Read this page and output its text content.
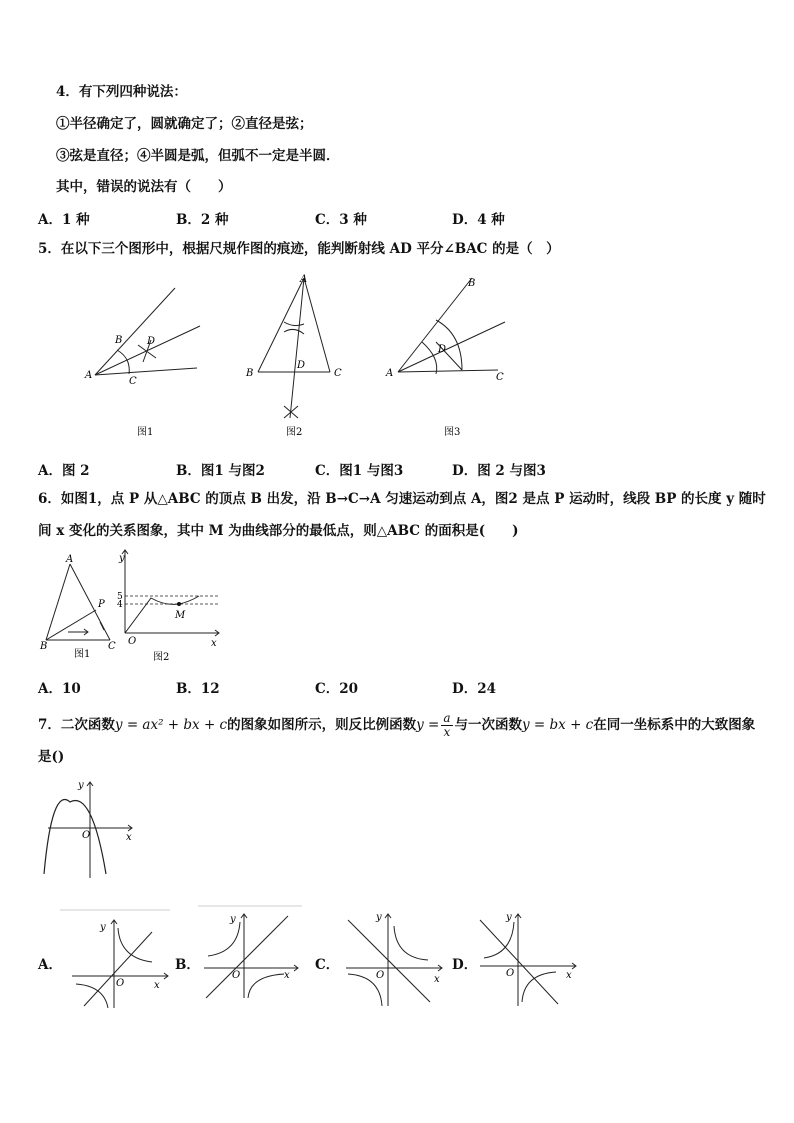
4．有下列四种说法：
①半径确定了，圆就确定了；②直径是弦；
③弦是直径；④半圆是弧，但弧不一定是半圆．
其中，错误的说法有（　　）
A．1 种	B．2 种	C．3 种	D．4 种
5．在以下三个图形中，根据尺规作图的痕迹，能判断射线 AD 平分∠BAC 的是（　）
A
B D
C
图1
A
B	C
D
图2
A
B
C
D
图3
A．图 2	B．图1 与图2	C．图1 与图3	D．图 2 与图3
6．如图1，点 P 从△ABC 的顶点 B 出发，沿 B→C→A 匀速运动到点 A，图2 是点 P 运动时，线段 BP 的长度 y 随时
间 x 变化的关系图象，其中 M 为曲线部分的最低点，则△ABC 的面积是(　　)
A
P
B	C
图1
y
5
4
M
O	x
图2
A．10	B．12	C．20	D．24
7．二次函数y = ax² + bx + c的图象如图所示，则反比例函数$y = \frac{a}{x}$ 与一次函数y = bx + c在同一坐标系中的大致图象
是()
y
O	x
A．
y
O	x
B．
y
O	x
C．
y
O	x
D．
y
O	x
